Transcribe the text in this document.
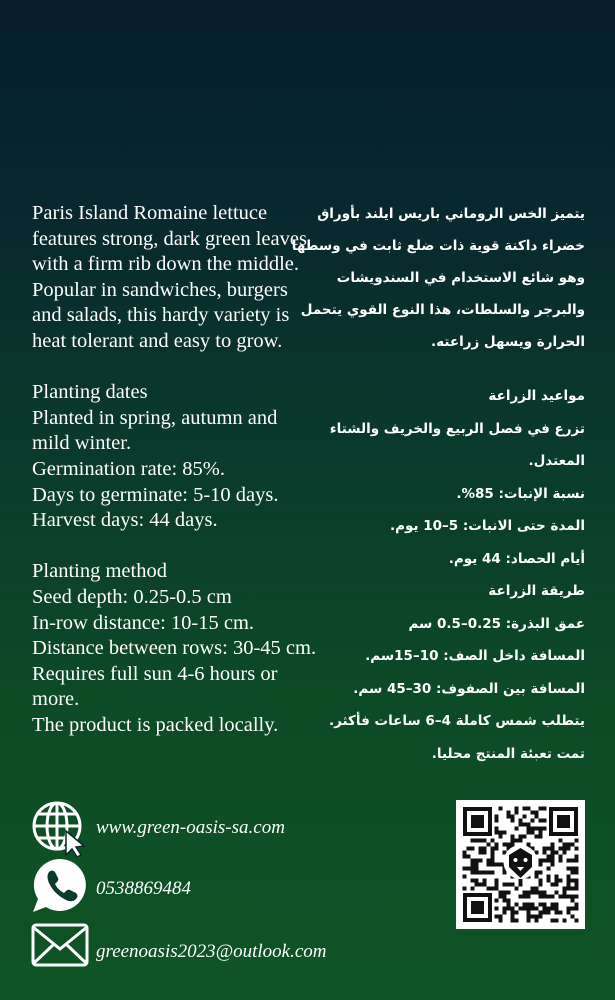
Paris Island Romaine lettuce features strong, dark green leaves with a firm rib down the middle. Popular in sandwiches, burgers and salads, this hardy variety is heat tolerant and easy to grow.

Planting dates

Planted in spring, autumn and mild winter.

Germination rate: 85%.

Days to germinate: 5-10 days.

Harvest days: 44 days.

Planting method

Seed depth: 0.25-0.5 cm

In-row distance: 10-15 cm.

Distance between rows: 30-45 cm.

Requires full sun 4-6 hours or more.

The product is packed locally.

يتميز الخس الروماني باريس ايلند بأوراق خضراء داكنة قوية ذات ضلع ثابت في وسطها وهو شائع الاستخدام في السندويشات والبرجر والسلطات، هذا النوع القوي يتحمل الحرارة ويسهل زراعته.

مواعيد الزراعة

تزرع في فصل الربيع والخريف والشتاء المعتدل.

نسبة الإنبات: 85%.

المدة حتى الانبات: 5–10 يوم.

أيام الحصاد: 44 يوم.

طريقة الزراعة

عمق البذرة: 0.25–0.5 سم

المسافة داخل الصف: 10–15سم.

المسافة بين الصفوف: 30–45 سم.

يتطلب شمس كاملة 4–6 ساعات فأكثر.

تمت تعبئة المنتج محليا.

www.green-oasis-sa.com
0538869484
greenoasis2023@outlook.com
